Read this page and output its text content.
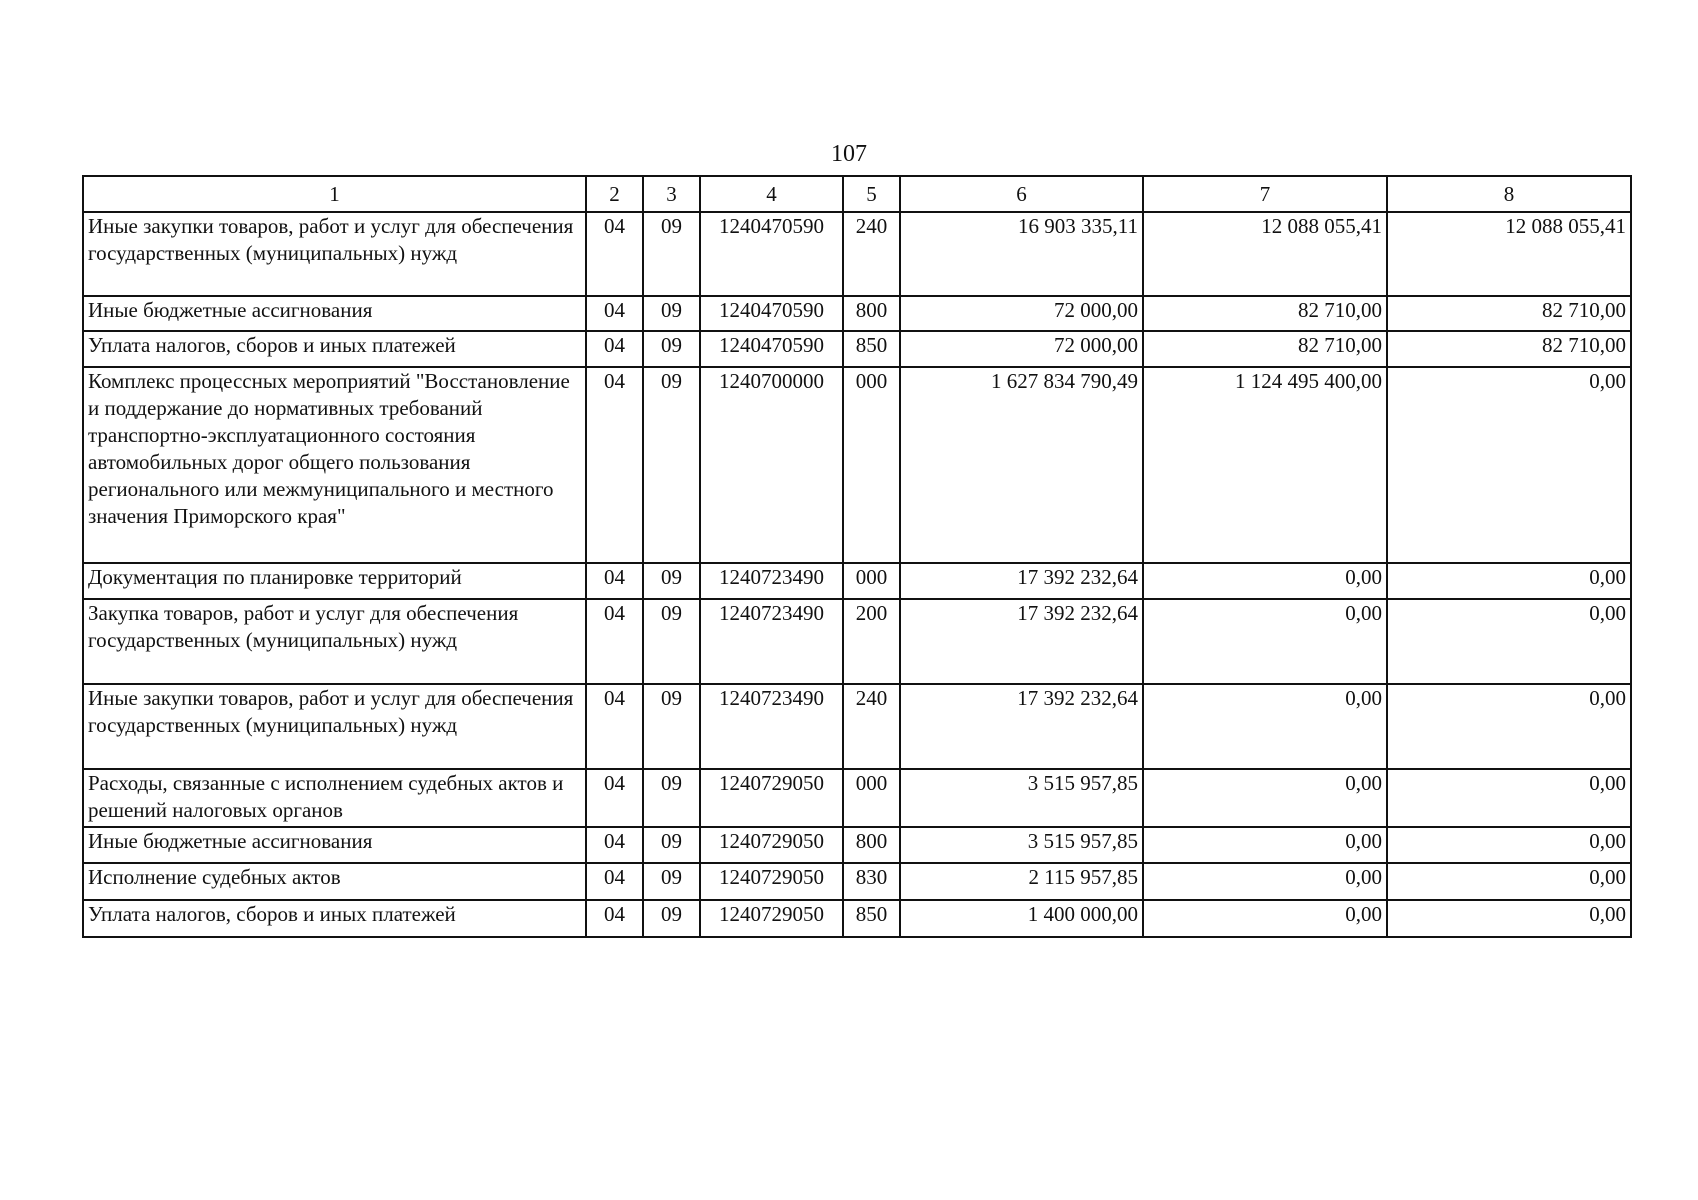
107
1	2	3	4	5	6	7	8
Иные закупки товаров, работ и услуг для обеспечения государственных (муниципальных) нужд	04	09	1240470590	240	16 903 335,11	12 088 055,41	12 088 055,41
Иные бюджетные ассигнования	04	09	1240470590	800	72 000,00	82 710,00	82 710,00
Уплата налогов, сборов и иных платежей	04	09	1240470590	850	72 000,00	82 710,00	82 710,00
Комплекс процессных мероприятий "Восстановление и поддержание до нормативных требований транспортно-эксплуатационного состояния автомобильных дорог общего пользования регионального или межмуниципального и местного значения Приморского края"	04	09	1240700000	000	1 627 834 790,49	1 124 495 400,00	0,00
Документация по планировке территорий	04	09	1240723490	000	17 392 232,64	0,00	0,00
Закупка товаров, работ и услуг для обеспечения государственных (муниципальных) нужд	04	09	1240723490	200	17 392 232,64	0,00	0,00
Иные закупки товаров, работ и услуг для обеспечения государственных (муниципальных) нужд	04	09	1240723490	240	17 392 232,64	0,00	0,00
Расходы, связанные с исполнением судебных актов и решений налоговых органов	04	09	1240729050	000	3 515 957,85	0,00	0,00
Иные бюджетные ассигнования	04	09	1240729050	800	3 515 957,85	0,00	0,00
Исполнение судебных актов	04	09	1240729050	830	2 115 957,85	0,00	0,00
Уплата налогов, сборов и иных платежей	04	09	1240729050	850	1 400 000,00	0,00	0,00
